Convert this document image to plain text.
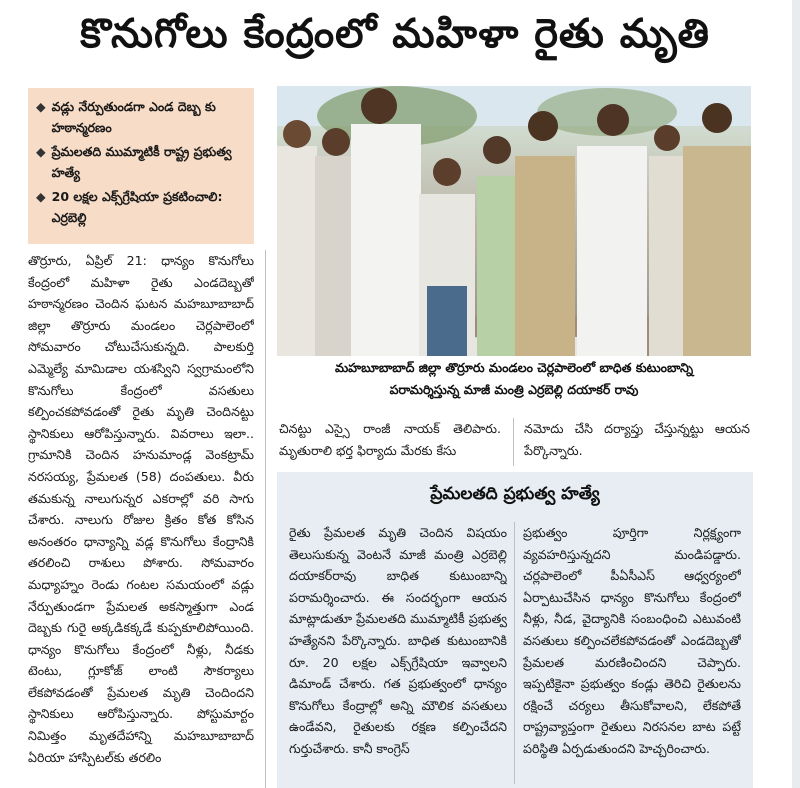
కొనుగోలు కేంద్రంలో మహిళా రైతు మృతి
◆ వడ్లు నేర్పుతుండగా ఎండ దెబ్బ కు హఠాన్మరణం
◆ ప్రేమలతది ముమ్మాటికీ రాష్ట్ర ప్రభుత్వ హత్యే
◆ 20 లక్షల ఎక్స్‌గ్రేషియా ప్రకటించాలి: ఎర్రబెల్లి
మహబూబాబాద్ జిల్లా తొర్రూరు మండలం చెర్లపాలెంలో బాధిత కుటుంబాన్ని
పరామర్శిస్తున్న మాజీ మంత్రి ఎర్రబెల్లి దయాకర్ రావు
తొర్రూరు, ఏప్రిల్ 21: ధాన్యం కొనుగోలు కేంద్రంలో మహిళా రైతు ఎండదెబ్బతో హఠాన్మరణం చెందిన ఘటన మహబూబాబాద్ జిల్లా తొర్రూరు మండలం చెర్లపాలెంలో సోమవారం చోటుచేసుకున్నది. పాలకుర్తి ఎమ్మెల్యే మామిడాల యశస్విని స్వగ్రామంలోని కొనుగోలు కేంద్రంలో వసతులు కల్పించకపోవడంతో రైతు మృతి చెందినట్టు స్థానికులు ఆరోపిస్తున్నారు. వివరాలు ఇలా.. గ్రామానికి చెందిన హనుమాండ్ల వెంకట్రామ్ నరసయ్య, ప్రేమలత (58) దంపతులు. వీరు తమకున్న నాలుగున్నర ఎకరాల్లో వరి సాగు చేశారు. నాలుగు రోజుల క్రితం కోత కోసిన అనంతరం ధాన్యాన్ని వడ్ల కొనుగోలు కేంద్రానికి తరలించి రాశులు పోశారు. సోమవారం మధ్యాహ్నం రెండు గంటల సమయంలో వడ్లు నేర్పుతుండగా ప్రేమలత అకస్మాత్తుగా ఎండ దెబ్బకు గురై అక్కడికక్కడే కుప్పకూలిపోయింది. ధాన్యం కొనుగోలు కేంద్రంలో నీళ్లు, నీడకు టెంటు, గ్లూకోజ్ లాంటి సౌకర్యాలు లేకపోవడంతో ప్రేమలత మృతి చెందిందని స్థానికులు ఆరోపిస్తున్నారు. పోస్టుమార్టం నిమిత్తం మృతదేహాన్ని మహబూబాబాద్ ఏరియా హాస్పిటల్‌కు తరలిం
చినట్టు ఎస్సై రాంజీ నాయక్ తెలిపారు. మృతురాలి భర్త ఫిర్యాదు మేరకు కేసు
నమోదు చేసి దర్యాప్తు చేస్తున్నట్టు ఆయన పేర్కొన్నారు.
ప్రేమలతది ప్రభుత్వ హత్యే
రైతు ప్రేమలత మృతి చెందిన విషయం తెలుసుకున్న వెంటనే మాజీ మంత్రి ఎర్రబెల్లి దయాకర్‌రావు బాధిత కుటుంబాన్ని పరామర్శించారు. ఈ సందర్భంగా ఆయన మాట్లాడుతూ ప్రేమలతది ముమ్మాటికీ ప్రభుత్వ హత్యేనని పేర్కొన్నారు. బాధిత కుటుంబానికి రూ. 20 లక్షల ఎక్స్‌గ్రేషియా ఇవ్వాలని డిమాండ్ చేశారు. గత ప్రభుత్వంలో ధాన్యం కొనుగోలు కేంద్రాల్లో అన్ని మౌలిక వసతులు ఉండేవని, రైతులకు రక్షణ కల్పించేదని గుర్తుచేశారు. కానీ కాంగ్రెస్
ప్రభుత్వం పూర్తిగా నిర్లక్ష్యంగా వ్యవహరిస్తున్నదని మండిపడ్డారు. చర్లపాలెంలో పీఏసీఎస్ ఆధ్వర్యంలో ఏర్పాటుచేసిన ధాన్యం కొనుగోలు కేంద్రంలో నీళ్లు, నీడ, వైద్యానికి సంబంధించి ఎటువంటి వసతులు కల్పించలేకపోవడంతో ఎండదెబ్బతో ప్రేమలత మరణించిందని చెప్పారు. ఇప్పటికైనా ప్రభుత్వం కండ్లు తెరిచి రైతులను రక్షించే చర్యలు తీసుకోవాలని, లేకపోతే రాష్ట్రవ్యాప్తంగా రైతులు నిరసనల బాట పట్టే పరిస్థితి ఏర్పడుతుందని హెచ్చరించారు.
